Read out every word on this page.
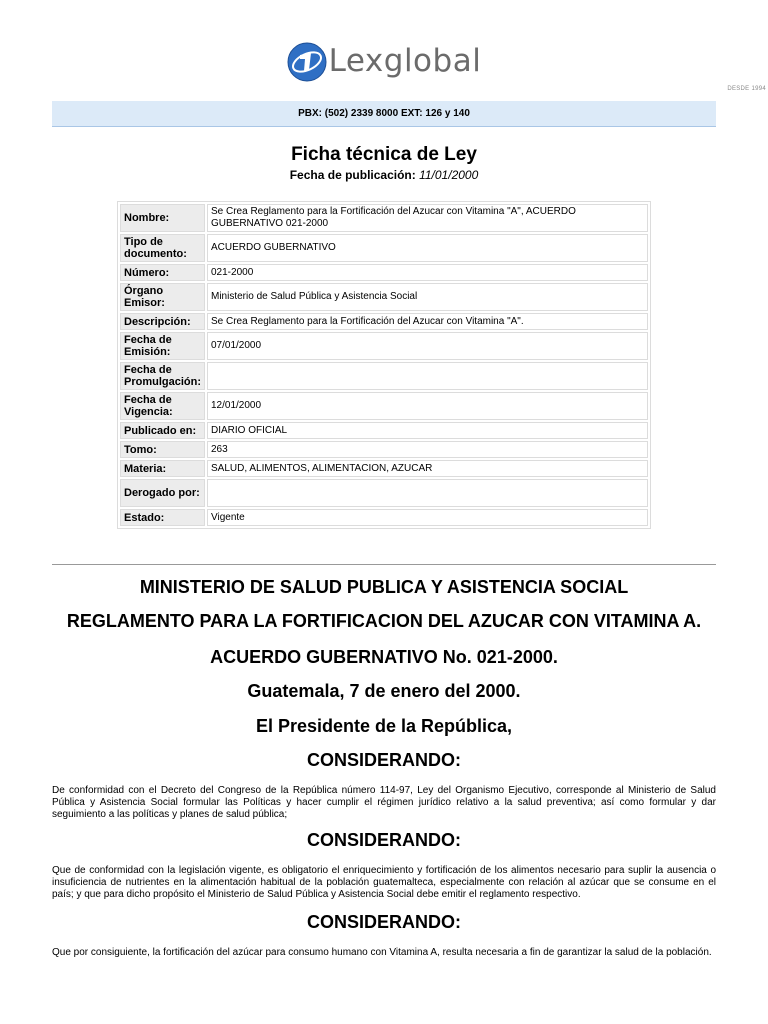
Lexglobal
DESDE 1994
PBX: (502) 2339 8000 EXT: 126 y 140
Ficha técnica de Ley
Fecha de publicación: 11/01/2000
Nombre:	Se Crea Reglamento para la Fortificación del Azucar con Vitamina "A", ACUERDO GUBERNATIVO 021-2000
Tipo de documento:	ACUERDO GUBERNATIVO
Número:	021-2000
Órgano Emisor:	Ministerio de Salud Pública y Asistencia Social
Descripción:	Se Crea Reglamento para la Fortificación del Azucar con Vitamina "A".
Fecha de Emisión:	07/01/2000
Fecha de Promulgación:	
Fecha de Vigencia:	12/01/2000
Publicado en:	DIARIO OFICIAL
Tomo:	263
Materia:	SALUD, ALIMENTOS, ALIMENTACION, AZUCAR
Derogado por:	
Estado:	Vigente
MINISTERIO DE SALUD PUBLICA Y ASISTENCIA SOCIAL
REGLAMENTO PARA LA FORTIFICACION DEL AZUCAR CON VITAMINA A.
ACUERDO GUBERNATIVO No. 021-2000.
Guatemala, 7 de enero del 2000.
El Presidente de la República,
CONSIDERANDO:
De conformidad con el Decreto del Congreso de la República número 114-97, Ley del Organismo Ejecutivo, corresponde al Ministerio de Salud Pública y Asistencia Social formular las Políticas y hacer cumplir el régimen jurídico relativo a la salud preventiva; así como formular y dar seguimiento a las políticas y planes de salud pública;
CONSIDERANDO:
Que de conformidad con la legislación vigente, es obligatorio el enriquecimiento y fortificación de los alimentos necesario para suplir la ausencia o insuficiencia de nutrientes en la alimentación habitual de la población guatemalteca, especialmente con relación al azúcar que se consume en el país; y que para dicho propósito el Ministerio de Salud Pública y Asistencia Social debe emitir el reglamento respectivo.
CONSIDERANDO:
Que por consiguiente, la fortificación del azúcar para consumo humano con Vitamina A, resulta necesaria a fin de garantizar la salud de la población.
